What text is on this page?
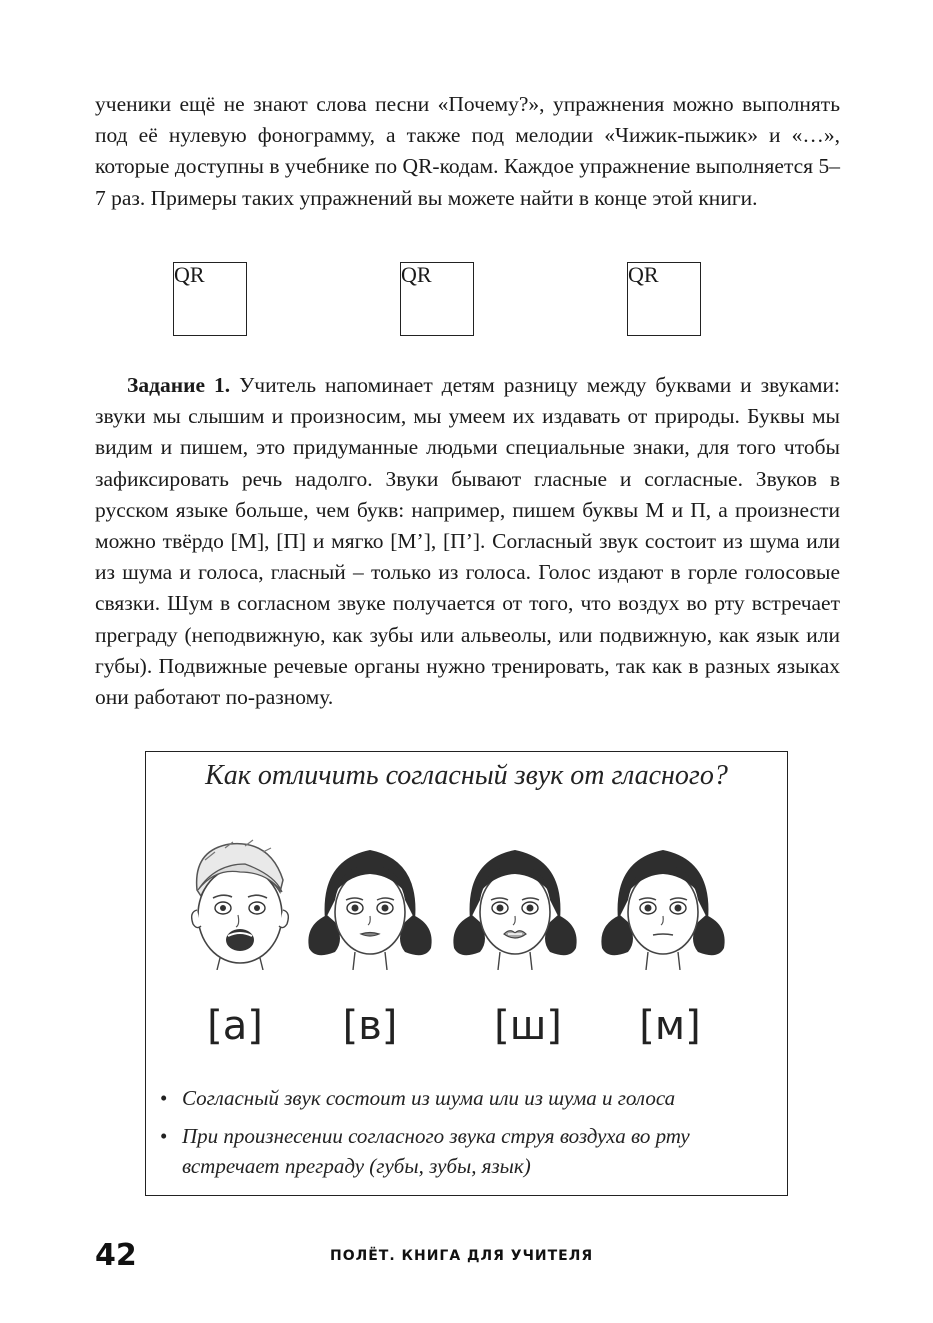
ученики ещё не знают слова песни «Почему?», упражнения можно выполнять под её нулевую фонограмму, а также под мелодии «Чижик-пыжик» и «…», которые доступны в учебнике по QR-кодам. Каждое упражнение выполняется 5–7 раз. Примеры таких упражнений вы можете найти в конце этой книги.

QR	QR	QR

Задание 1. Учитель напоминает детям разницу между буквами и звуками: звуки мы слышим и произносим, мы умеем их издавать от природы. Буквы мы видим и пишем, это придуманные людьми специальные знаки, для того чтобы зафиксировать речь надолго. Звуки бывают гласные и согласные. Звуков в русском языке больше, чем букв: например, пишем буквы М и П, а произнести можно твёрдо [М], [П] и мягко [М’], [П’]. Согласный звук состоит из шума или из шума и голоса, гласный – только из голоса. Голос издают в горле голосовые связки. Шум в согласном звуке получается от того, что воздух во рту встречает преграду (неподвижную, как зубы или альвеолы, или подвижную, как язык или губы). Подвижные речевые органы нужно тренировать, так как в разных языках они работают по-разному.

Как отличить согласный звук от гласного?
[а]	[в]	[ш]	[м]
• Согласный звук состоит из шума или из шума и голоса
• При произнесении согласного звука струя воздуха во рту встречает преграду (губы, зубы, язык)
42	ПОЛЁТ. КНИГА ДЛЯ УЧИТЕЛЯ
